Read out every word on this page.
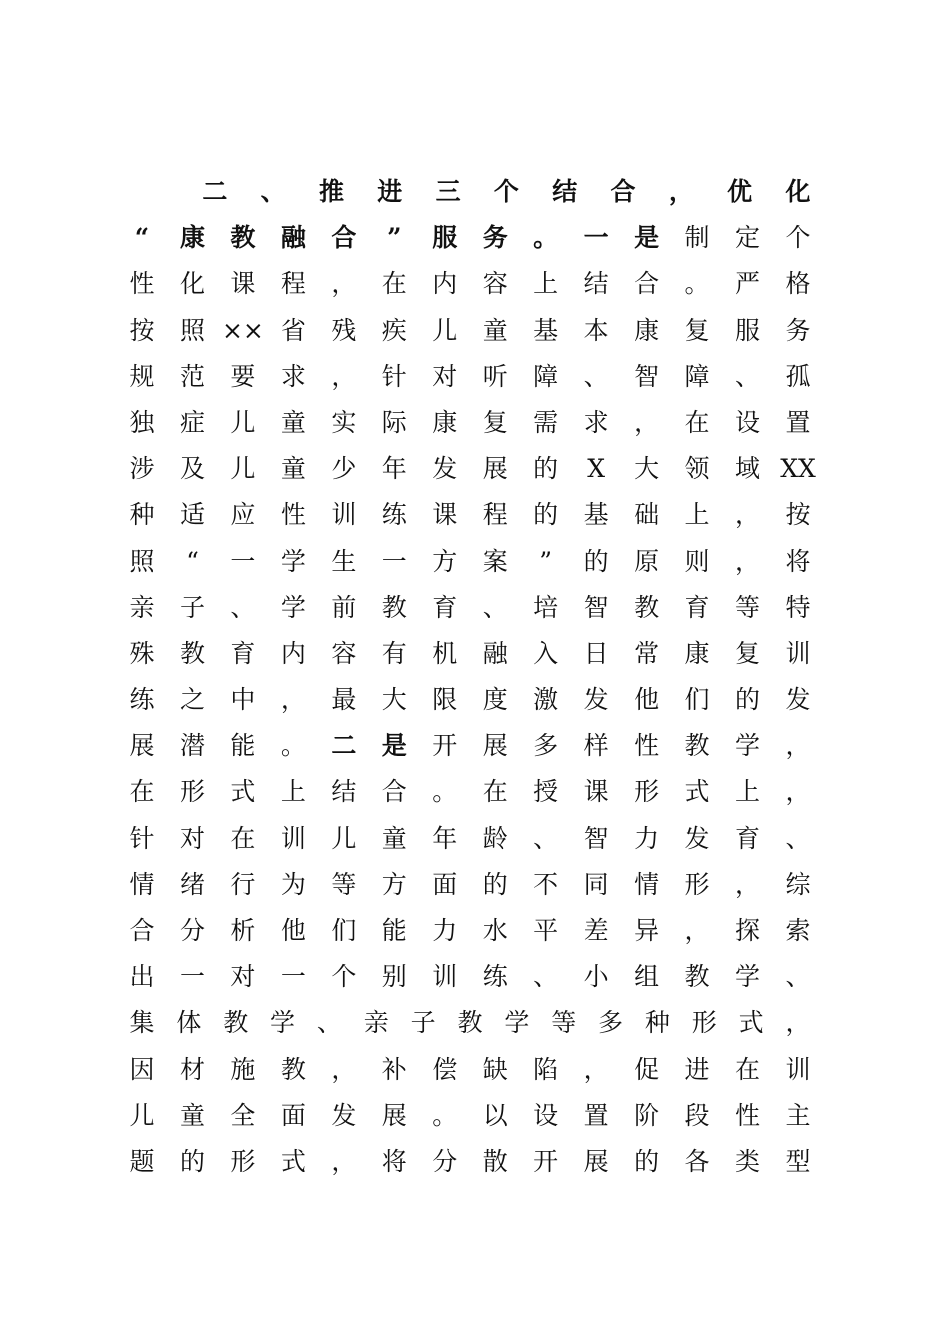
二 、 推 进 三 个 结 合 ， 优 化
“ 康 教 融 合 ” 服 务 。 一 是 制 定 个
性 化 课 程 ， 在 内 容 上 结 合 。 严 格
按 照 ×× 省 残 疾 儿 童 基 本 康 复 服 务
规 范 要 求 ， 针 对 听 障 、 智 障 、 孤
独 症 儿 童 实 际 康 复 需 求 ， 在 设 置
涉 及 儿 童 少 年 发 展 的 X 大 领 域 XX
种 适 应 性 训 练 课 程 的 基 础 上 ， 按
照 “ 一 学 生 一 方 案 ” 的 原 则 ， 将
亲 子 、 学 前 教 育 、 培 智 教 育 等 特
殊 教 育 内 容 有 机 融 入 日 常 康 复 训
练 之 中 ， 最 大 限 度 激 发 他 们 的 发
展 潜 能 。 二 是 开 展 多 样 性 教 学 ，
在 形 式 上 结 合 。 在 授 课 形 式 上 ，
针 对 在 训 儿 童 年 龄 、 智 力 发 育 、
情 绪 行 为 等 方 面 的 不 同 情 形 ， 综
合 分 析 他 们 能 力 水 平 差 异 ， 探 索
出 一 对 一 个 别 训 练 、 小 组 教 学 、
集 体 教 学 、 亲 子 教 学 等 多 种 形 式 ，
因 材 施 教 ， 补 偿 缺 陷 ， 促 进 在 训
儿 童 全 面 发 展 。 以 设 置 阶 段 性 主
题 的 形 式 ， 将 分 散 开 展 的 各 类 型
